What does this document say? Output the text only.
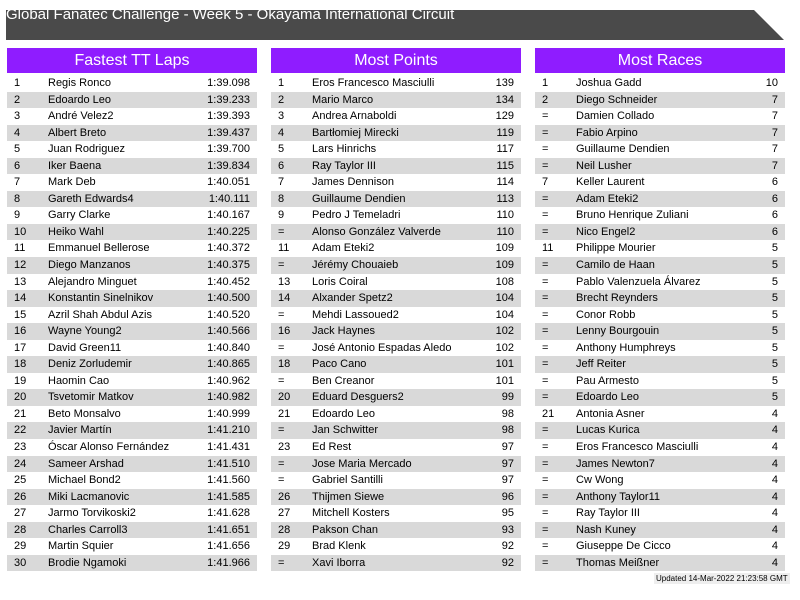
Global Fanatec Challenge - Week 5 - Okayama International Circuit
Fastest TT Laps
1	Regis Ronco	1:39.098
2	Edoardo Leo	1:39.233
3	André Velez2	1:39.393
4	Albert Breto	1:39.437
5	Juan Rodriguez	1:39.700
6	Iker Baena	1:39.834
7	Mark Deb	1:40.051
8	Gareth Edwards4	1:40.111
9	Garry Clarke	1:40.167
10 Heiko Wahl	1:40.225
11 Emmanuel Bellerose	1:40.372
12 Diego Manzanos	1:40.375
13 Alejandro Minguet	1:40.452
14 Konstantin Sinelnikov	1:40.500
15 Azril Shah Abdul Azis	1:40.520
16 Wayne Young2	1:40.566
17 David Green11	1:40.840
18 Deniz Zorludemir	1:40.865
19 Haomin Cao	1:40.962
20 Tsvetomir Matkov	1:40.982
21 Beto Monsalvo	1:40.999
22 Javier Martín	1:41.210
23 Óscar Alonso Fernández	1:41.431
24 Sameer Arshad	1:41.510
25 Michael Bond2	1:41.560
26 Miki Lacmanovic	1:41.585
27 Jarmo Torvikoski2	1:41.628
28 Charles Carroll3	1:41.651
29 Martin Squier	1:41.656
30 Brodie Ngamoki	1:41.966
Most Points
1	Eros Francesco Masciulli	139
2	Mario Marco	134
3	Andrea Arnaboldi	129
4	Bartłomiej Mirecki	119
5	Lars Hinrichs	117
6	Ray Taylor III	115
7	James Dennison	114
8	Guillaume Dendien	113
9	Pedro J Temeladri	110
=	Alonso González Valverde	110
11 Adam Eteki2	109
=	Jérémy Chouaieb	109
13 Loris Coiral	108
14 Alxander Spetz2	104
=	Mehdi Lassoued2	104
16 Jack Haynes	102
=	José Antonio Espadas Aledo	102
18 Paco Cano	101
=	Ben Creanor	101
20 Eduard Desguers2	99
21 Edoardo Leo	98
=	Jan Schwitter	98
23 Ed Rest	97
=	Jose Maria Mercado	97
=	Gabriel Santilli	97
26 Thijmen Siewe	96
27 Mitchell Kosters	95
28 Pakson Chan	93
29 Brad Klenk	92
=	Xavi Iborra	92
Most Races
1	Joshua Gadd	10
2	Diego Schneider	7
=	Damien Collado	7
=	Fabio Arpino	7
=	Guillaume Dendien	7
=	Neil Lusher	7
7	Keller Laurent	6
=	Adam Eteki2	6
=	Bruno Henrique Zuliani	6
=	Nico Engel2	6
11 Philippe Mourier	5
=	Camilo de Haan	5
=	Pablo Valenzuela Álvarez	5
=	Brecht Reynders	5
=	Conor Robb	5
=	Lenny Bourgouin	5
=	Anthony Humphreys	5
=	Jeff Reiter	5
=	Pau Armesto	5
=	Edoardo Leo	5
21 Antonia Asner	4
=	Lucas Kurica	4
=	Eros Francesco Masciulli	4
=	James Newton7	4
=	Cw Wong	4
=	Anthony Taylor11	4
=	Ray Taylor III	4
=	Nash Kuney	4
=	Giuseppe De Cicco	4
=	Thomas Meißner	4
Updated 14-Mar-2022 21:23:58 GMT
